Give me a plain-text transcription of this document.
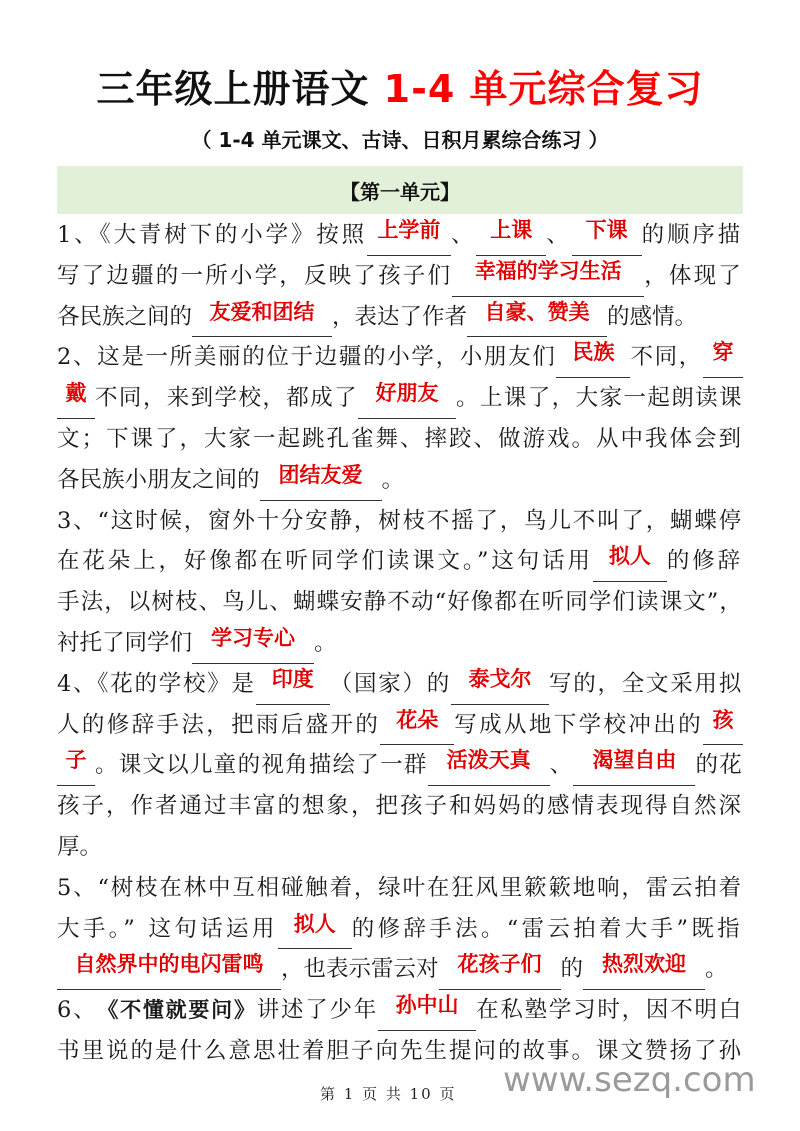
三年级上册语文 1-4 单元综合复习
（ 1-4 单元课文、古诗、日积月累综合练习 ）
【第一单元】
1、《大青树下的小学》按照 上学前 、 上课 、 下课 的顺序描
写了边疆的一所小学，反映了孩子们	幸福的学习生活	，体现了
各民族之间的 友爱和团结 ，表达了作者 自豪、赞美 的感情。
2、这是一所美丽的位于边疆的小学，小朋友们 民族 不同， 穿
戴 不同，来到学校，都成了 好朋友 。上课了，大家一起朗读课
文；下课了，大家一起跳孔雀舞、摔跤、做游戏。从中我体会到
各民族小朋友之间的 团结友爱 。
3、“这时候，窗外十分安静，树枝不摇了，鸟儿不叫了，蝴蝶停
在花朵上，好像都在听同学们读课文。”这句话用 拟人 的修辞
手法，以树枝、鸟儿、蝴蝶安静不动“好像都在听同学们读课文”，
衬托了同学们 学习专心 。
4、《花的学校》是 印度 （国家）的 泰戈尔 写的，全文采用拟
人的修辞手法，把雨后盛开的 花朵 写成从地下学校冲出的 孩
子 。课文以儿童的视角描绘了一群 活泼天真 、 渴望自由 的花
孩子，作者通过丰富的想象，把孩子和妈妈的感情表现得自然深
厚。
5、“树枝在林中互相碰触着，绿叶在狂风里簌簌地响，雷云拍着
大手。” 这句话运用 拟人 的修辞手法。“雷云拍着大手”既指
自然界中的电闪雷鸣 ，也表示雷云对 花孩子们 的 热烈欢迎 。
6、 《不懂就要问》 讲述了少年 孙中山 在私塾学习时，因不明白
书里说的是什么意思壮着胆子向先生提问的故事。课文赞扬了孙
第 1 页 共 10 页 www.sezq.com
